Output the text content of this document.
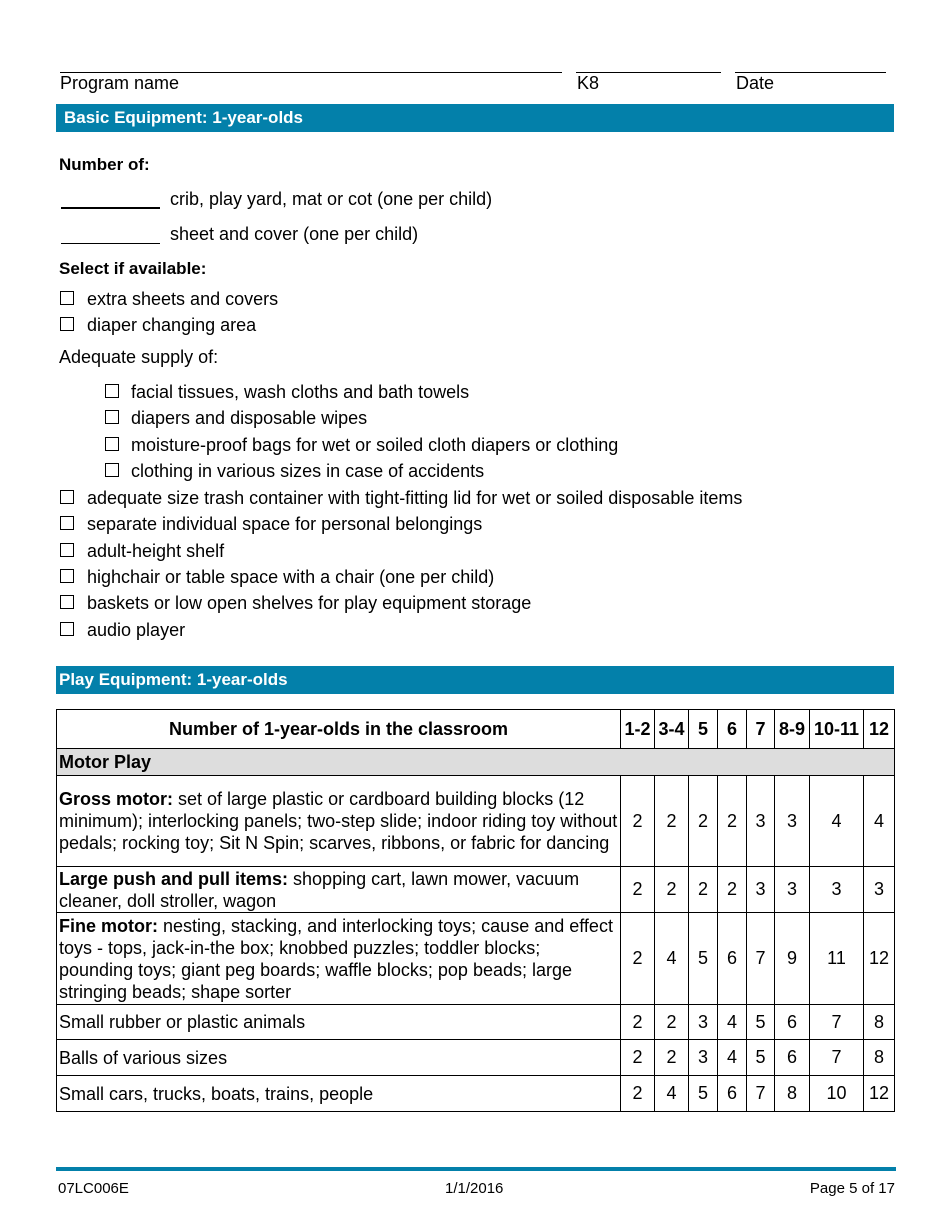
Program name	K8	Date
Basic Equipment: 1-year-olds
Number of:
crib, play yard, mat or cot (one per child)
sheet and cover (one per child)
Select if available:
extra sheets and covers
diaper changing area
Adequate supply of:
facial tissues, wash cloths and bath towels
diapers and disposable wipes
moisture-proof bags for wet or soiled cloth diapers or clothing
clothing in various sizes in case of accidents
adequate size trash container with tight-fitting lid for wet or soiled disposable items
separate individual space for personal belongings
adult-height shelf
highchair or table space with a chair (one per child)
baskets or low open shelves for play equipment storage
audio player
Play Equipment: 1-year-olds
Number of 1-year-olds in the classroom	1-2	3-4	5	6	7	8-9	10-11	12
Motor Play								
Gross motor: set of large plastic or cardboard building blocks (12 minimum); interlocking panels; two-step slide; indoor riding toy without pedals; rocking toy; Sit N Spin; scarves, ribbons, or fabric for dancing	2	2	2	2	3	3	4	4
Large push and pull items: shopping cart, lawn mower, vacuum cleaner, doll stroller, wagon	2	2	2	2	3	3	3	3
Fine motor: nesting, stacking, and interlocking toys; cause and effect toys - tops, jack-in-the box; knobbed puzzles; toddler blocks; pounding toys; giant peg boards; waffle blocks; pop beads; large stringing beads; shape sorter	2	4	5	6	7	9	11	12
Small rubber or plastic animals	2	2	3	4	5	6	7	8
Balls of various sizes	2	2	3	4	5	6	7	8
Small cars, trucks, boats, trains, people	2	4	5	6	7	8	10	12
07LC006E	1/1/2016	Page 5 of 17
